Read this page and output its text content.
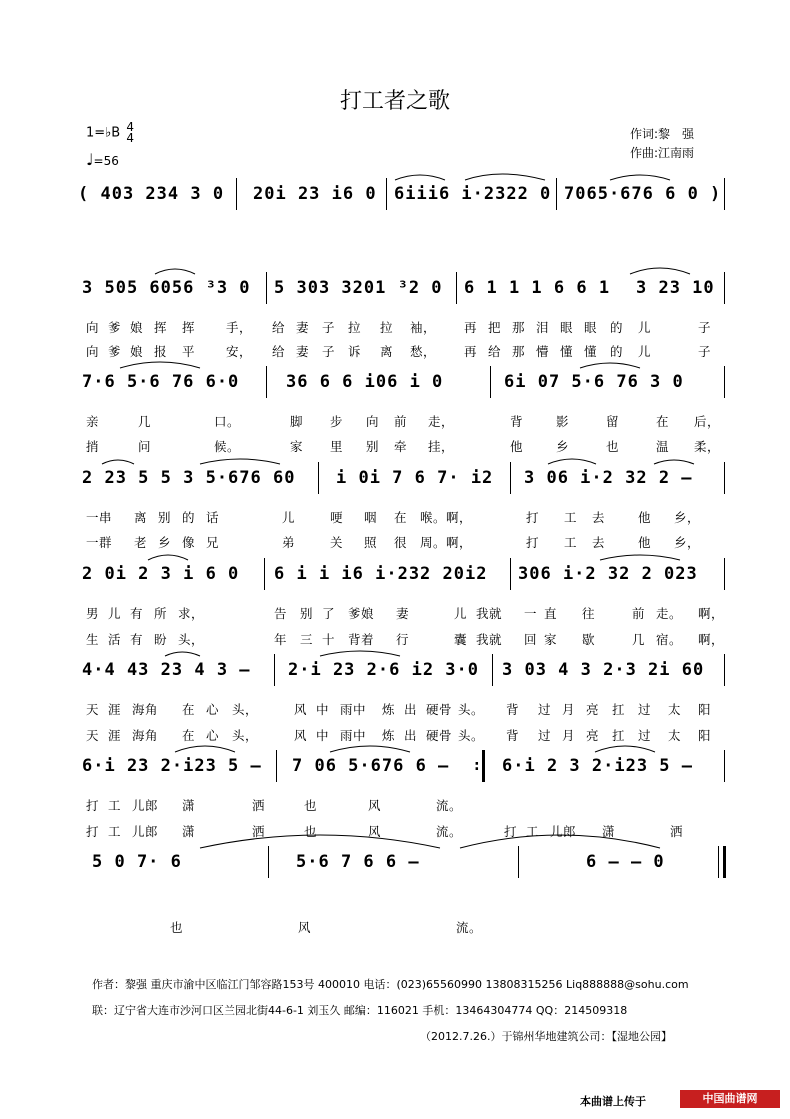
打工者之歌
1=♭B 4
4
♩=56
作词:黎　强
作曲:江南雨
( 403 234 3 0 20i 23 i6 0 6iii6 i·2322 0 7065·676 6 0 )
3 505 6056 ³3 0 5 303 3201 ³2 0 6 1 1 1 6 6 1 3 23 10
向 爹 娘 挥 挥 手， 给 妻 子 拉 拉 袖， 再 把 那 泪 眼 眼 的 儿	子
向 爹 娘 报 平 安， 给 妻 子 诉 离 愁， 再 给 那 懵 懂 懂 的 儿	子
7·6 5·6 76 6·0	36 6 6 i06 i 0	6i 07 5·6 76 3 0
亲	几	口。	脚 步 向 前 走，	背	影	留	在 后，
捎	问	候。	家 里 别 牵 挂，	他	乡	也	温 柔，
2 23 5 5 3 5·676 60 i 0i 7 6 7· i2 3 06 i·2 32 2 –
一串 离 别 的 话	儿	哽 咽 在 喉。啊，	打 工 去	他 乡，
一群 老 乡 像 兄	弟	关 照 很 周。啊，	打 工 去	他 乡，
2 0i 2 3 i 6 0 6 i i i6 i·232 20i2 306 i·2 32 2 023
男 儿 有 所 求，	告 别 了 爹娘 妻	儿 我就 一 直 往	前 走。 啊，
生 活 有 盼 头，	年 三 十 背着 行	囊 我就 回 家 歇	几 宿。 啊，
4·4 43 23 4 3 – 2·i 23 2·6 i2 3·0 3 03 4 3 2·3 2i 60
天 涯 海角 在 心 头，	风 中 雨中 炼 出 硬骨 头。 背 过 月 亮 扛 过 太 阳
天 涯 海角 在 心 头，	风 中 雨中 炼 出 硬骨 头。 背 过 月 亮 扛 过 太 阳
6·i 23 2·i23 5 – 7 06 5·676 6 – : 6·i 2 3 2·i23 5 –
打 工 儿郎 潇	洒	也	风	流。
打 工 儿郎 潇	洒	也	风	流。	打 工 儿郎 潇	洒
5 0 7· 6	5·6 7 6 6 –	6 – – 0
也	风	流。
作者：黎强 重庆市渝中区临江门邹容路153号 400010 电话：(023)65560990 13808315256 Liq888888@sohu.com
联：辽宁省大连市沙河口区兰园北街44-6-1 刘玉久 邮编：116021 手机：13464304774 QQ：214509318
（2012.7.26.）于锦州华地建筑公司：【湿地公园】
本曲谱上传于	中国曲谱网
